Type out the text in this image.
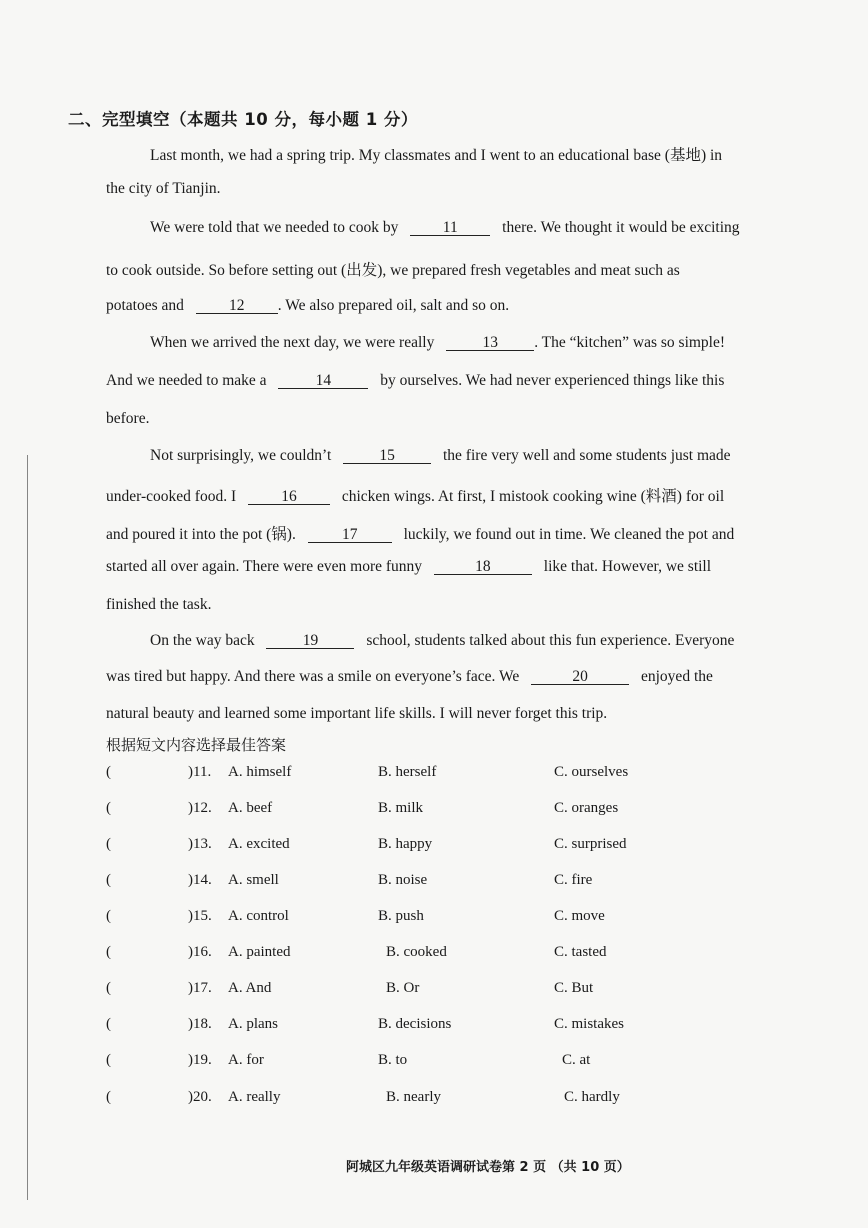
二、完型填空（本题共 10 分，每小题 1 分）
Last month, we had a spring trip. My classmates and I went to an educational base (基地) in
the city of Tianjin.
We were told that we needed to cook by	11	there. We thought it would be exciting
to cook outside. So before setting out (出发), we prepared fresh vegetables and meat such as
potatoes and	12 . We also prepared oil, salt and so on.
When we arrived the next day, we were really	13 . The “kitchen” was so simple!
And we needed to make a	14	by ourselves. We had never experienced things like this
before.
Not surprisingly, we couldn’t	15	the fire very well and some students just made
under-cooked food. I	16	chicken wings. At first, I mistook cooking wine (料酒) for oil
and poured it into the pot (锅).	17	luckily, we found out in time. We cleaned the pot and
started all over again. There were even more funny	18	like that. However, we still
finished the task.
On the way back	19	school, students talked about this fun experience. Everyone
was tired but happy. And there was a smile on everyone’s face. We	20	enjoyed the
natural beauty and learned some important life skills. I will never forget this trip.
根据短文内容选择最佳答案
(	)11. A. himself	B. herself	C. ourselves
(	)12. A. beef	B. milk	C. oranges
(	)13. A. excited	B. happy	C. surprised
(	)14. A. smell	B. noise	C. fire
(	)15. A. control	B. push	C. move
(	)16. A. painted	B. cooked	C. tasted
(	)17. A. And	B. Or	C. But
(	)18. A. plans	B. decisions	C. mistakes
(	)19. A. for	B. to	C. at
(	)20. A. really	B. nearly	C. hardly
阿城区九年级英语调研试卷第 2 页 （共 10 页）
